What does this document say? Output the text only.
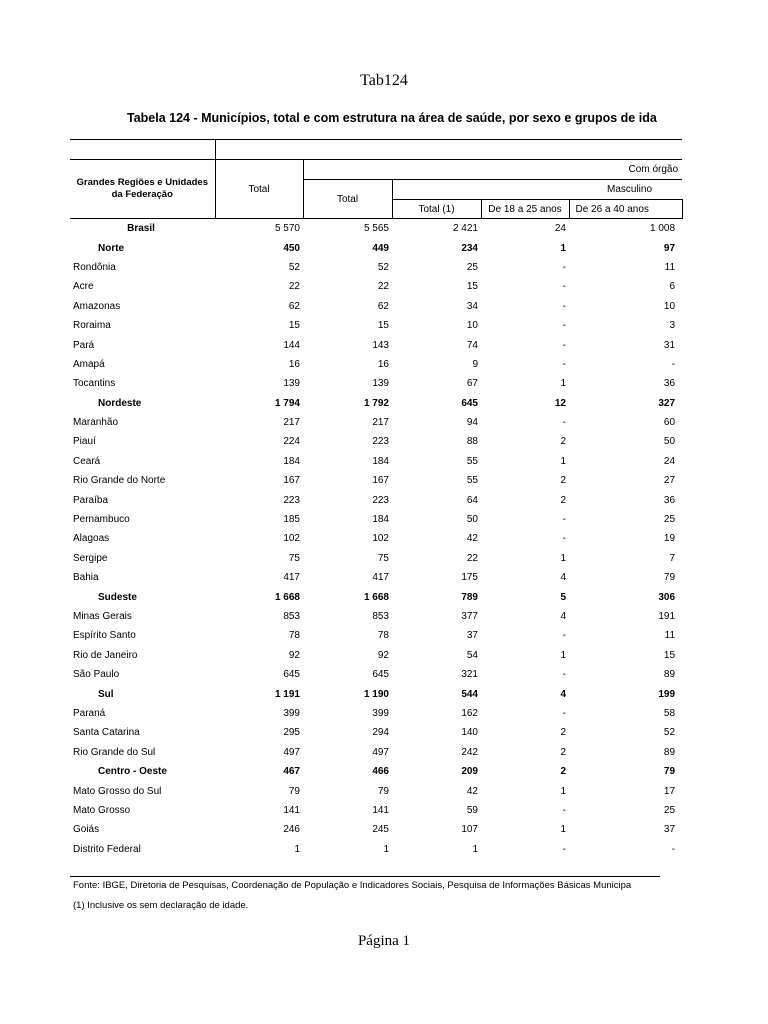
Tab124
Tabela 124 - Municípios, total e com estrutura na área de saúde, por sexo e grupos de ida

Grandes Regiões e Unidades da Federação	Total	Com órgão			
		Total	Masculino		
			Total (1)	De 18 a 25 anos	De 26 a 40 anos
Brasil	5 570	5 565	2 421	24	1 008
Norte	450	449	234	1	97
Rondônia	52	52	25	-	11
Acre	22	22	15	-	6
Amazonas	62	62	34	-	10
Roraima	15	15	10	-	3
Pará	144	143	74	-	31
Amapá	16	16	9	-	-
Tocantins	139	139	67	1	36
Nordeste	1 794	1 792	645	12	327
Maranhão	217	217	94	-	60
Piauí	224	223	88	2	50
Ceará	184	184	55	1	24
Rio Grande do Norte	167	167	55	2	27
Paraíba	223	223	64	2	36
Pernambuco	185	184	50	-	25
Alagoas	102	102	42	-	19
Sergipe	75	75	22	1	7
Bahia	417	417	175	4	79
Sudeste	1 668	1 668	789	5	306
Minas Gerais	853	853	377	4	191
Espírito Santo	78	78	37	-	11
Rio de Janeiro	92	92	54	1	15
São Paulo	645	645	321	-	89
Sul	1 191	1 190	544	4	199
Paraná	399	399	162	-	58
Santa Catarina	295	294	140	2	52
Rio Grande do Sul	497	497	242	2	89
Centro - Oeste	467	466	209	2	79
Mato Grosso do Sul	79	79	42	1	17
Mato Grosso	141	141	59	-	25
Goiás	246	245	107	1	37
Distrito Federal	1	1	1	-	-
Fonte: IBGE, Diretoria de Pesquisas, Coordenação de População e Indicadores Sociais, Pesquisa de Informações Básicas Municipa
(1) Inclusive os sem declaração de idade.
Página 1
